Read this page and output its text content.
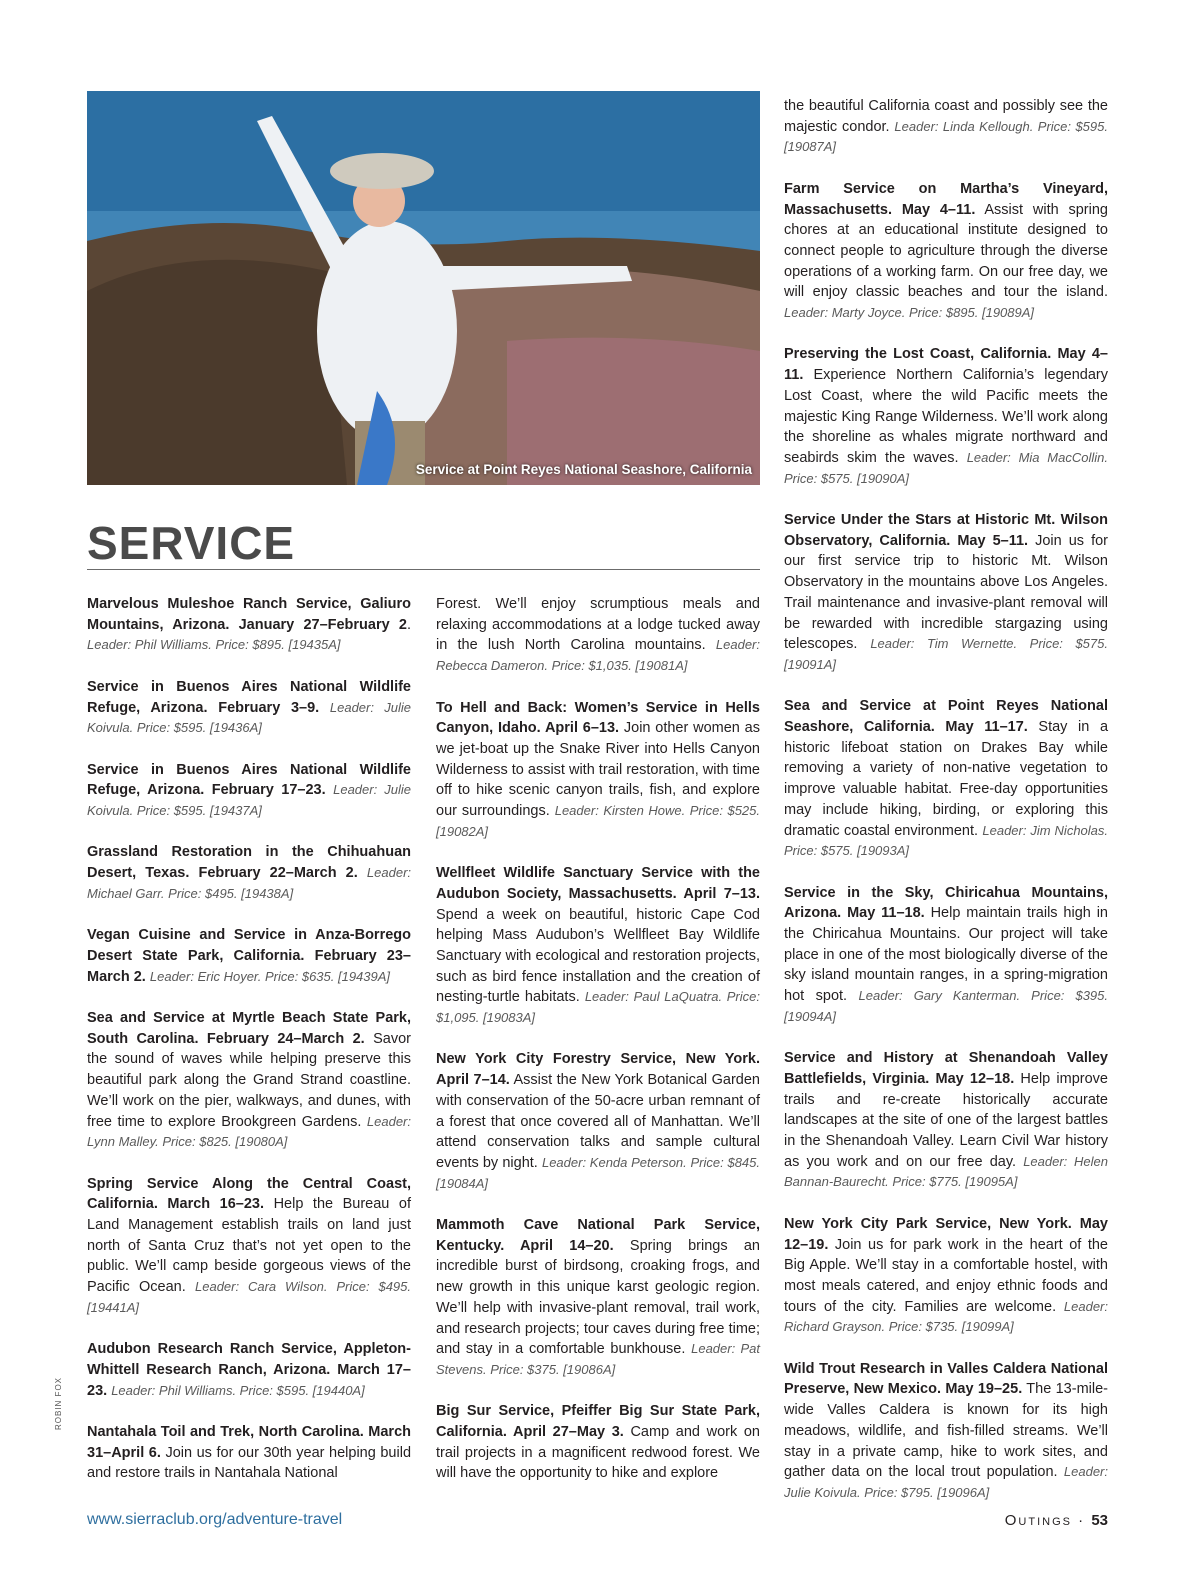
Service at Point Reyes National Seashore, California
ROBIN FOX
SERVICE

Marvelous Muleshoe Ranch Service, Galiuro Mountains, Arizona. January 27–February 2. Leader: Phil Williams. Price: $895. [19435A]

Service in Buenos Aires National Wildlife Refuge, Arizona. February 3–9. Leader: Julie Koivula. Price: $595. [19436A]

Service in Buenos Aires National Wildlife Refuge, Arizona. February 17–23. Leader: Julie Koivula. Price: $595. [19437A]

Grassland Restoration in the Chihuahuan Desert, Texas. February 22–March 2. Leader: Michael Garr. Price: $495. [19438A]

Vegan Cuisine and Service in Anza-Borrego Desert State Park, California. February 23–March 2. Leader: Eric Hoyer. Price: $635. [19439A]

Sea and Service at Myrtle Beach State Park, South Carolina. February 24–March 2. Savor the sound of waves while helping preserve this beautiful park along the Grand Strand coastline. We’ll work on the pier, walkways, and dunes, with free time to explore Brookgreen Gardens. Leader: Lynn Malley. Price: $825. [19080A]

Spring Service Along the Central Coast, California. March 16–23. Help the Bureau of Land Management establish trails on land just north of Santa Cruz that’s not yet open to the public. We’ll camp beside gorgeous views of the Pacific Ocean. Leader: Cara Wilson. Price: $495. [19441A]

Audubon Research Ranch Service, Appleton-Whittell Research Ranch, Arizona. March 17–23. Leader: Phil Williams. Price: $595. [19440A]

Nantahala Toil and Trek, North Carolina. March 31–April 6. Join us for our 30th year helping build and restore trails in Nantahala National

Forest. We’ll enjoy scrumptious meals and relaxing accommodations at a lodge tucked away in the lush North Carolina mountains. Leader: Rebecca Dameron. Price: $1,035. [19081A]

To Hell and Back: Women’s Service in Hells Canyon, Idaho. April 6–13. Join other women as we jet-boat up the Snake River into Hells Canyon Wilderness to assist with trail restoration, with time off to hike scenic canyon trails, fish, and explore our surroundings. Leader: Kirsten Howe. Price: $525. [19082A]

Wellfleet Wildlife Sanctuary Service with the Audubon Society, Massachusetts. April 7–13. Spend a week on beautiful, historic Cape Cod helping Mass Audubon’s Wellfleet Bay Wildlife Sanctuary with ecological and restoration projects, such as bird fence installation and the creation of nesting-turtle habitats. Leader: Paul LaQuatra. Price: $1,095. [19083A]

New York City Forestry Service, New York. April 7–14. Assist the New York Botanical Garden with conservation of the 50-acre urban remnant of a forest that once covered all of Manhattan. We’ll attend conservation talks and sample cultural events by night. Leader: Kenda Peterson. Price: $845. [19084A]

Mammoth Cave National Park Service, Kentucky. April 14–20. Spring brings an incredible burst of birdsong, croaking frogs, and new growth in this unique karst geologic region. We’ll help with invasive-plant removal, trail work, and research projects; tour caves during free time; and stay in a comfortable bunkhouse. Leader: Pat Stevens. Price: $375. [19086A]

Big Sur Service, Pfeiffer Big Sur State Park, California. April 27–May 3. Camp and work on trail projects in a magnificent redwood forest. We will have the opportunity to hike and explore

the beautiful California coast and possibly see the majestic condor. Leader: Linda Kellough. Price: $595. [19087A]

Farm Service on Martha’s Vineyard, Massachusetts. May 4–11. Assist with spring chores at an educational institute designed to connect people to agriculture through the diverse operations of a working farm. On our free day, we will enjoy classic beaches and tour the island. Leader: Marty Joyce. Price: $895. [19089A]

Preserving the Lost Coast, California. May 4–11. Experience Northern California’s legendary Lost Coast, where the wild Pacific meets the majestic King Range Wilderness. We’ll work along the shoreline as whales migrate northward and seabirds skim the waves. Leader: Mia MacCollin. Price: $575. [19090A]

Service Under the Stars at Historic Mt. Wilson Observatory, California. May 5–11. Join us for our first service trip to historic Mt. Wilson Observatory in the mountains above Los Angeles. Trail maintenance and invasive-plant removal will be rewarded with incredible stargazing using telescopes. Leader: Tim Wernette. Price: $575. [19091A]

Sea and Service at Point Reyes National Seashore, California. May 11–17. Stay in a historic lifeboat station on Drakes Bay while removing a variety of non-native vegetation to improve valuable habitat. Free-day opportunities may include hiking, birding, or exploring this dramatic coastal environment. Leader: Jim Nicholas. Price: $575. [19093A]

Service in the Sky, Chiricahua Mountains, Arizona. May 11–18. Help maintain trails high in the Chiricahua Mountains. Our project will take place in one of the most biologically diverse of the sky island mountain ranges, in a spring-migration hot spot. Leader: Gary Kanterman. Price: $395. [19094A]

Service and History at Shenandoah Valley Battlefields, Virginia. May 12–18. Help improve trails and re-create historically accurate landscapes at the site of one of the largest battles in the Shenandoah Valley. Learn Civil War history as you work and on our free day. Leader: Helen Bannan-Baurecht. Price: $775. [19095A]

New York City Park Service, New York. May 12–19. Join us for park work in the heart of the Big Apple. We’ll stay in a comfortable hostel, with most meals catered, and enjoy ethnic foods and tours of the city. Families are welcome. Leader: Richard Grayson. Price: $735. [19099A]

Wild Trout Research in Valles Caldera National Preserve, New Mexico. May 19–25. The 13-mile-wide Valles Caldera is known for its high meadows, wildlife, and fish-filled streams. We’ll stay in a private camp, hike to work sites, and gather data on the local trout population. Leader: Julie Koivula. Price: $795. [19096A]

www.sierraclub.org/adventure-travel	Outings · 53
